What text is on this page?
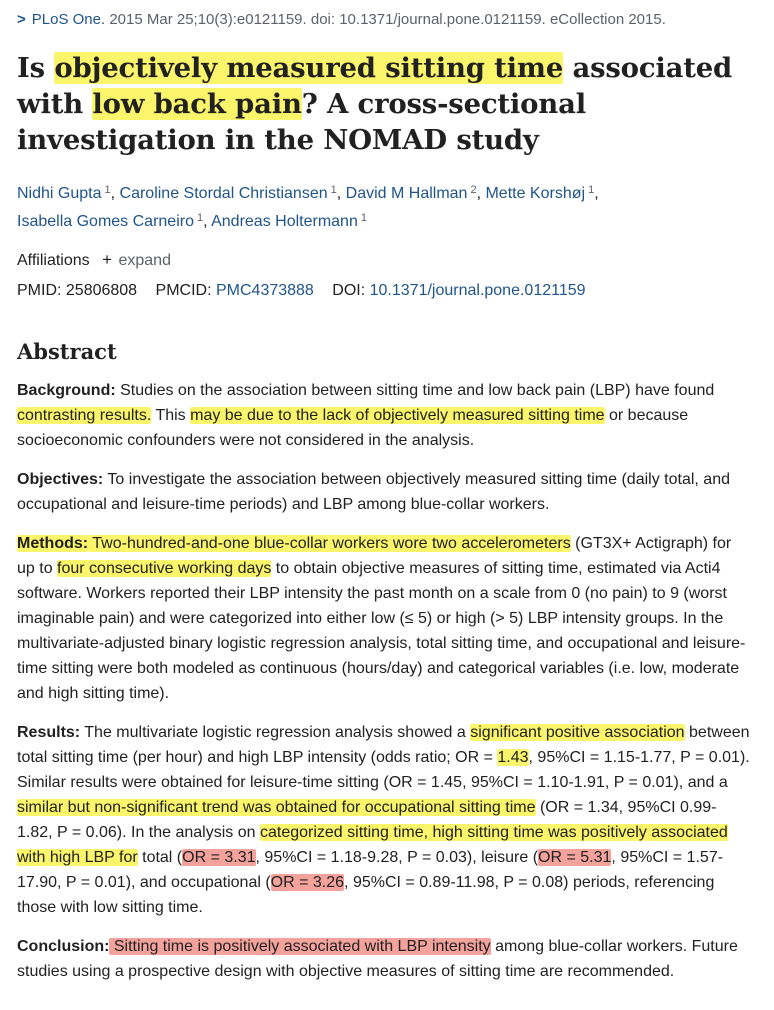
> PLoS One. 2015 Mar 25;10(3):e0121159. doi: 10.1371/journal.pone.0121159. eCollection 2015.
Is objectively measured sitting time associated with low back pain? A cross-sectional investigation in the NOMAD study
Nidhi Gupta $^1$, Caroline Stordal Christiansen $^1$, David M Hallman $^2$, Mette Korshøj $^1$,
Isabella Gomes Carneiro $^1$, Andreas Holtermann $^1$
Affiliations + expand
PMID: 25806808 PMCID: PMC4373888 DOI: 10.1371/journal.pone.0121159
Abstract
Background: Studies on the association between sitting time and low back pain (LBP) have found contrasting results. This may be due to the lack of objectively measured sitting time or because socioeconomic confounders were not considered in the analysis.
Objectives: To investigate the association between objectively measured sitting time (daily total, and occupational and leisure-time periods) and LBP among blue-collar workers.
Methods: Two-hundred-and-one blue-collar workers wore two accelerometers (GT3X+ Actigraph) for up to four consecutive working days to obtain objective measures of sitting time, estimated via Acti4 software. Workers reported their LBP intensity the past month on a scale from 0 (no pain) to 9 (worst imaginable pain) and were categorized into either low (≤ 5) or high (> 5) LBP intensity groups. In the multivariate-adjusted binary logistic regression analysis, total sitting time, and occupational and leisure-time sitting were both modeled as continuous (hours/day) and categorical variables (i.e. low, moderate and high sitting time).
Results: The multivariate logistic regression analysis showed a significant positive association between total sitting time (per hour) and high LBP intensity (odds ratio; OR = 1.43, 95%CI = 1.15-1.77, P = 0.01). Similar results were obtained for leisure-time sitting (OR = 1.45, 95%CI = 1.10-1.91, P = 0.01), and a similar but non-significant trend was obtained for occupational sitting time (OR = 1.34, 95%CI 0.99-1.82, P = 0.06). In the analysis on categorized sitting time, high sitting time was positively associated with high LBP for total (OR = 3.31, 95%CI = 1.18-9.28, P = 0.03), leisure (OR = 5.31, 95%CI = 1.57-17.90, P = 0.01), and occupational (OR = 3.26, 95%CI = 0.89-11.98, P = 0.08) periods, referencing those with low sitting time.
Conclusion: Sitting time is positively associated with LBP intensity among blue-collar workers. Future studies using a prospective design with objective measures of sitting time are recommended.
